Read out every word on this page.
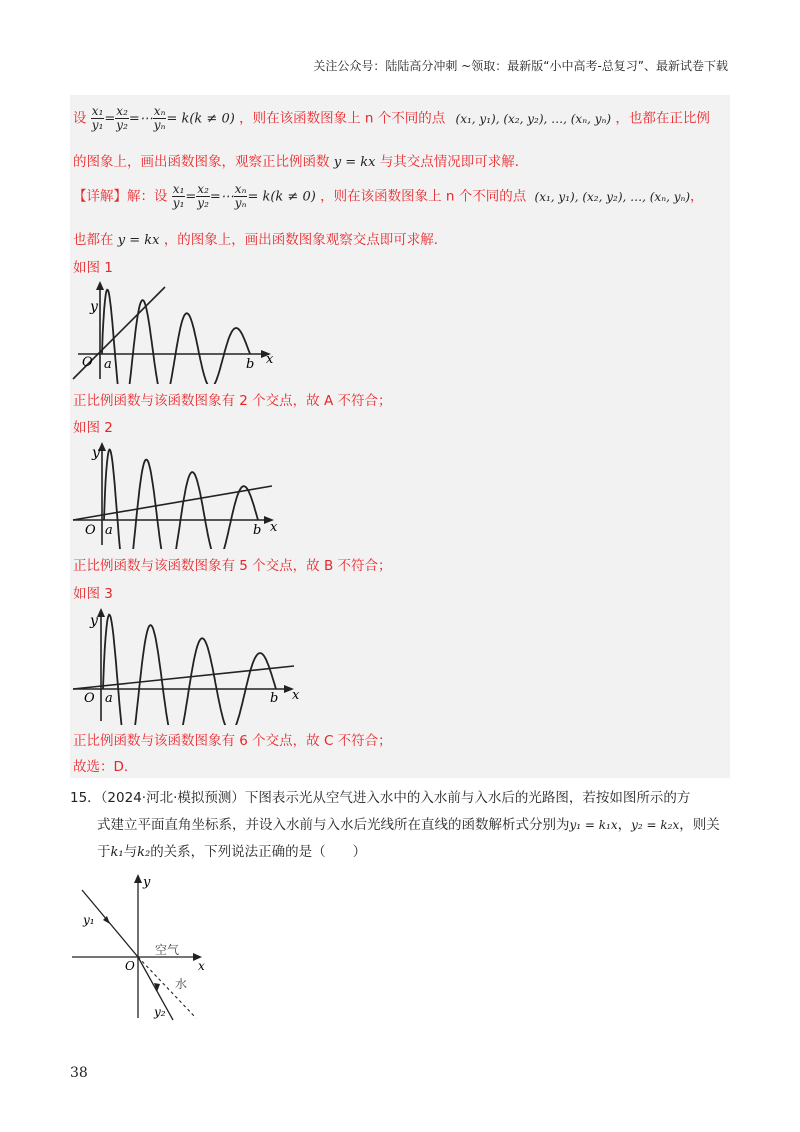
关注公众号：陆陆高分冲刺 ~领取：最新版“小中高考-总复习”、最新试卷下载
设 $\frac{\text{x₁}}{\text{y₁}} = \frac{\text{x₂}}{\text{y₂}}$ =⋯ $\frac{\text{xₙ}}{\text{yₙ}} = k(k \ne 0)$ ，则在该函数图象上 n 个不同的点 (x₁, y₁), (x₂, y₂), …, (xₙ, yₙ) ，也都在正比例
的图象上，画出函数图象，观察正比例函数 y = kx 与其交点情况即可求解．
【详解】解：设 $\frac{\text{x₁}}{\text{y₁}} = \frac{\text{x₂}}{\text{y₂}}$ =⋯ $\frac{\text{xₙ}}{\text{yₙ}} = k(k \ne 0)$ ，则在该函数图象上 n 个不同的点 (x₁, y₁), (x₂, y₂), …, (xₙ, yₙ)，
也都在 y = kx ，的图象上，画出函数图象观察交点即可求解．
如图 1
y
O a	b x
正比例函数与该函数图象有 2 个交点，故 A 不符合；
如图 2
y
O a	b x
正比例函数与该函数图象有 5 个交点，故 B 不符合；
如图 3
y
O a	b x
正比例函数与该函数图象有 6 个交点，故 C 不符合；
故选：D．
15．（2024·河北·模拟预测）下图表示光从空气进入水中的入水前与入水后的光路图，若按如图所示的方
式建立平面直角坐标系，并设入水前与入水后光线所在直线的函数解析式分别为y₁ = k₁x，y₂ = k₂x，则关
于k₁与k₂的关系，下列说法正确的是（　　）
y₁
y₂
y
O	x
空气
水
38
